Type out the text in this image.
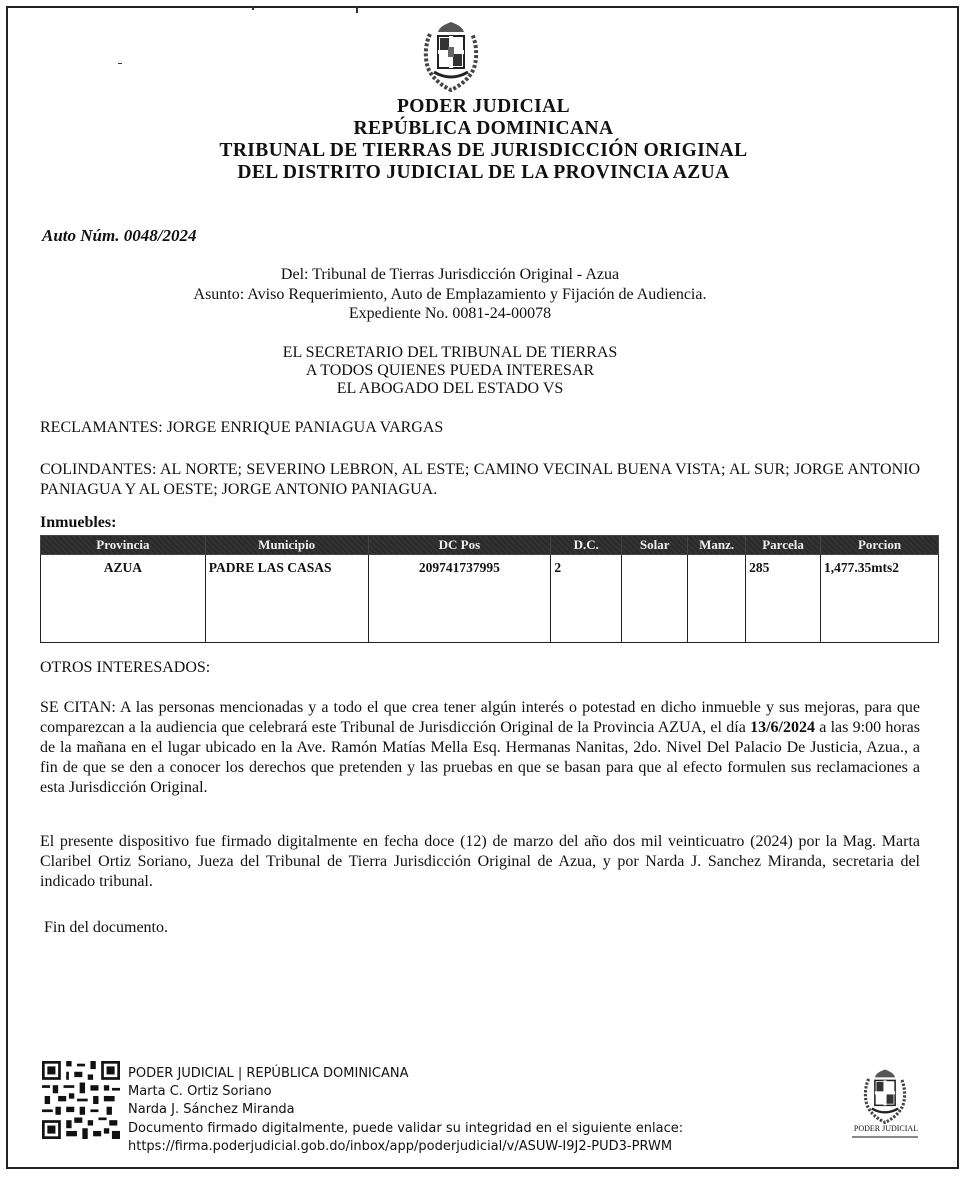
PODER JUDICIAL
REPÚBLICA DOMINICANA
TRIBUNAL DE TIERRAS DE JURISDICCIÓN ORIGINAL
DEL DISTRITO JUDICIAL DE LA PROVINCIA AZUA
Auto Núm. 0048/2024
Del: Tribunal de Tierras Jurisdicción Original - Azua
Asunto: Aviso Requerimiento, Auto de Emplazamiento y Fijación de Audiencia.
Expediente No. 0081-24-00078
EL SECRETARIO DEL TRIBUNAL DE TIERRAS
A TODOS QUIENES PUEDA INTERESAR
EL ABOGADO DEL ESTADO VS
RECLAMANTES: JORGE ENRIQUE PANIAGUA VARGAS
COLINDANTES: AL NORTE; SEVERINO LEBRON, AL ESTE; CAMINO VECINAL BUENA VISTA; AL SUR; JORGE ANTONIO PANIAGUA Y AL OESTE; JORGE ANTONIO PANIAGUA.
Inmuebles:
Provincia	Municipio	DC Pos	D.C.	Solar	Manz.	Parcela	Porcion
AZUA	PADRE LAS CASAS	209741737995	2			285	1,477.35mts2
OTROS INTERESADOS:
SE CITAN: A las personas mencionadas y a todo el que crea tener algún interés o potestad en dicho inmueble y sus mejoras, para que comparezcan a la audiencia que celebrará este Tribunal de Jurisdicción Original de la Provincia AZUA, el día 13/6/2024 a las 9:00 horas de la mañana en el lugar ubicado en la Ave. Ramón Matías Mella Esq. Hermanas Nanitas, 2do. Nivel Del Palacio De Justicia, Azua., a fin de que se den a conocer los derechos que pretenden y las pruebas en que se basan para que al efecto formulen sus reclamaciones a esta Jurisdicción Original.
El presente dispositivo fue firmado digitalmente en fecha doce (12) de marzo del año dos mil veinticuatro (2024) por la Mag. Marta Claribel Ortiz Soriano, Jueza del Tribunal de Tierra Jurisdicción Original de Azua, y por Narda J. Sanchez Miranda, secretaria del indicado tribunal.
Fin del documento.
PODER JUDICIAL | REPÚBLICA DOMINICANA
Marta C. Ortiz Soriano
Narda J. Sánchez Miranda
Documento firmado digitalmente, puede validar su integridad en el siguiente enlace:
https://firma.poderjudicial.gob.do/inbox/app/poderjudicial/v/ASUW-I9J2-PUD3-PRWM
PODER JUDICIAL
